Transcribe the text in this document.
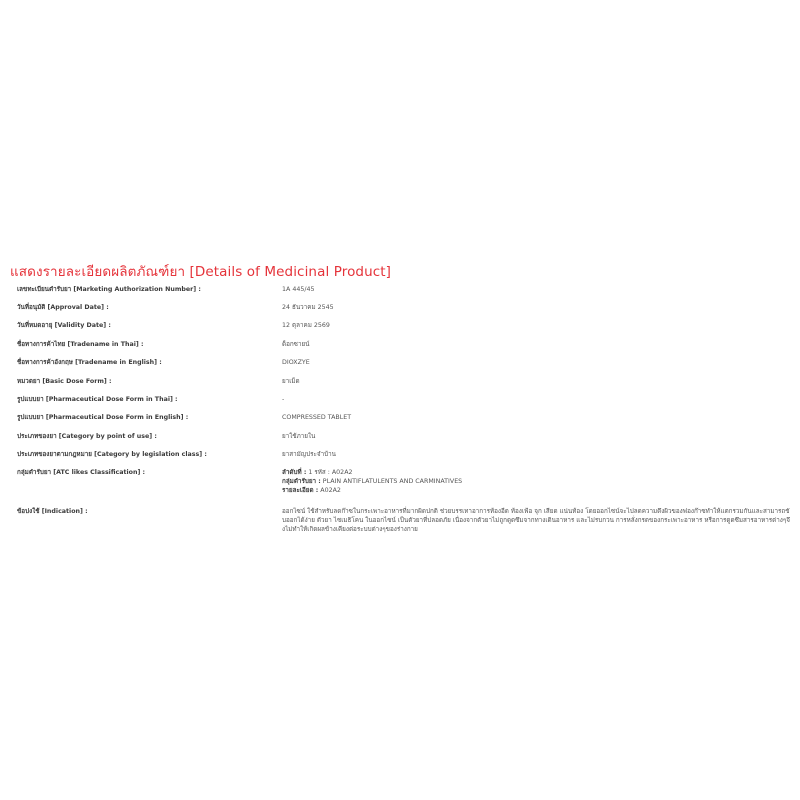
แสดงรายละเอียดผลิตภัณฑ์ยา [Details of Medicinal Product]
เลขทะเบียนตำรับยา [Marketing Authorization Number] :	1A 445/45
วันที่อนุมัติ [Approval Date] :	24 ธันวาคม 2545
วันที่หมดอายุ [Validity Date] :	12 ตุลาคม 2569
ชื่อทางการค้าไทย [Tradename in Thai] :	ด็อกซายน์
ชื่อทางการค้าอังกฤษ [Tradename in English] :	DIOXZYE
หมวดยา [Basic Dose Form] :	ยาเม็ด
รูปแบบยา [Pharmaceutical Dose Form in Thai] :	-
รูปแบบยา [Pharmaceutical Dose Form in English] :	COMPRESSED TABLET
ประเภทของยา [Category by point of use] :	ยาใช้ภายใน
ประเภทของยาตามกฎหมาย [Category by legislation class] :	ยาสามัญประจำบ้าน
กลุ่มตำรับยา [ATC likes Classification] :	ลำดับที่ : 1 รหัส : A02A2
กลุ่มตำรับยา : PLAIN ANTIFLATULENTS AND CARMINATIVES
รายละเอียด : A02A2
ข้อบ่งใช้ [Indication] :	ออกไซน์ ใช้สำหรับลดก๊าซในกระเพาะอาหารที่มากผิดปกติ ช่วยบรรเทาอาการท้องอืด ท้องเฟ้อ จุก เสียด แน่นท้อง โดยออกไซน์จะไปลดความตึงผิวของฟองก๊าซทำให้แตกรวมกันและสามารถขับออกได้ง่าย ตัวยา ไซเมธิโคน ในออกไซน์ เป็นตัวยาที่ปลอดภัย เนื่องจากตัวยาไม่ถูกดูดซึมจากทางเดินอาหาร และไม่รบกวน การหลั่งกรดของกระเพาะอาหาร หรือการดูดซึมสารอาหารต่างๆจึงไม่ทำให้เกิดผลข้างเคียงต่อระบบต่างๆของร่างกาย
